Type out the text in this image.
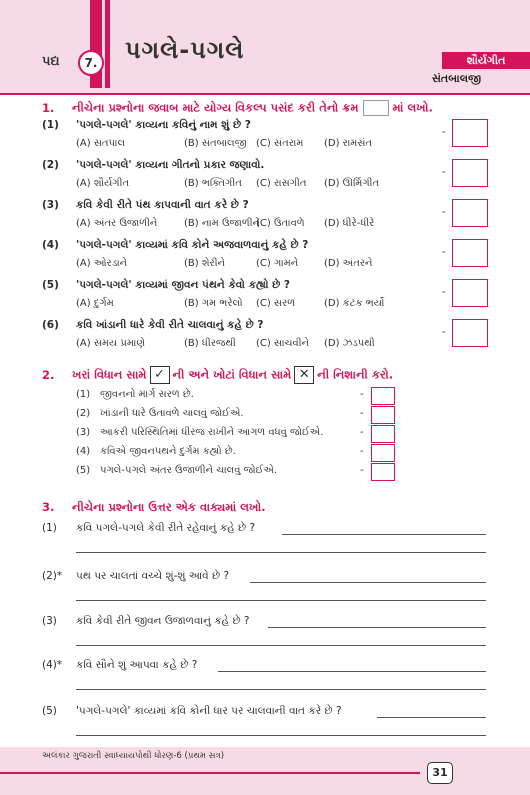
પદ્ય	7. પગલે-પગલે	શૌર્યગીત
સંતબાલજી
1. નીચેના પ્રશ્નોના જવાબ માટે યોગ્ય વિકલ્પ પસંદ કરી તેનો ક્રમ	માં લખો.
(1) 'પગલે-પગલે' કાવ્યના કવિનું નામ શું છે ?
(A) સતપાલ	(B) સંતબાલજી (C) સંતરામ (D) રામસંત
-
(2) 'પગલે-પગલે' કાવ્યના ગીતનો પ્રકાર જણાવો.
(A) શૌર્યગીત	(B) ભક્તિગીત (C) રાસગીત (D) ઊર્મિગીત
-
(3) કવિ કેવી રીતે પંથ કાપવાની વાત કરે છે ?
(A) અંતર ઉજાળીને	(B) નામ ઉજાળીને
(C) ઉતાવળે (D) ધીરે-ધીરે
-
(4) 'પગલે-પગલે' કાવ્યમાં કવિ કોને અજવાળવાનું કહે છે ?
(A) ઓરડાને	(B) શેરીને	(C) ગામને	(D) અંતરને
-
(5) 'પગલે-પગલે' કાવ્યમાં જીવન પંથને કેવો કહ્યો છે ?
(A) દુર્ગમ	(B) ગમ ભરેલો (C) સરળ	(D) કંટક ભર્યો
-
(6) કવિ ખાંડાની ધારે કેવી રીતે ચાલવાનું કહે છે ?
(A) સમય પ્રમાણે	(B) ધીરજથી (C) સાચવીને (D) ઝડપથી
-
2. ખરાં વિધાન સામે ✓ ની અને ખોટાં વિધાન સામે ✕ ની નિશાની કરો.
(1) જીવનનો માર્ગ સરળ છે.	-
(2) ખાંડાની ધારે ઉતાવળે ચાલવું જોઈએ.	-
(3) આકરી પરિસ્થિતિમાં ધીરજ રાખીને આગળ વધવું જોઈએ.	-
(4) કવિએ જીવનપથને દુર્ગમ કહ્યો છે.	-
(5) પગલે-પગલે અંતર ઉજાળીને ચાલવું જોઈએ.	-
3. નીચેના પ્રશ્નોના ઉત્તર એક વાક્યમાં લખો.
(1) કવિ પગલે-પગલે કેવી રીતે રહેવાનું કહે છે ?
(2)* પથ પર ચાલતાં વચ્ચે શું-શું આવે છે ?
(3) કવિ કેવી રીતે જીવન ઉજાળવાનું કહે છે ?
(4)* કવિ સૌને શું આપવા કહે છે ?
(5) 'પગલે-પગલે' કાવ્યમાં કવિ કોની ધાર પર ચાલવાની વાત કરે છે ?
અલંકાર ગુજરાતી સ્વાધ્યાયપોથી ધોરણ-6 (પ્રથમ સત્ર)
31
